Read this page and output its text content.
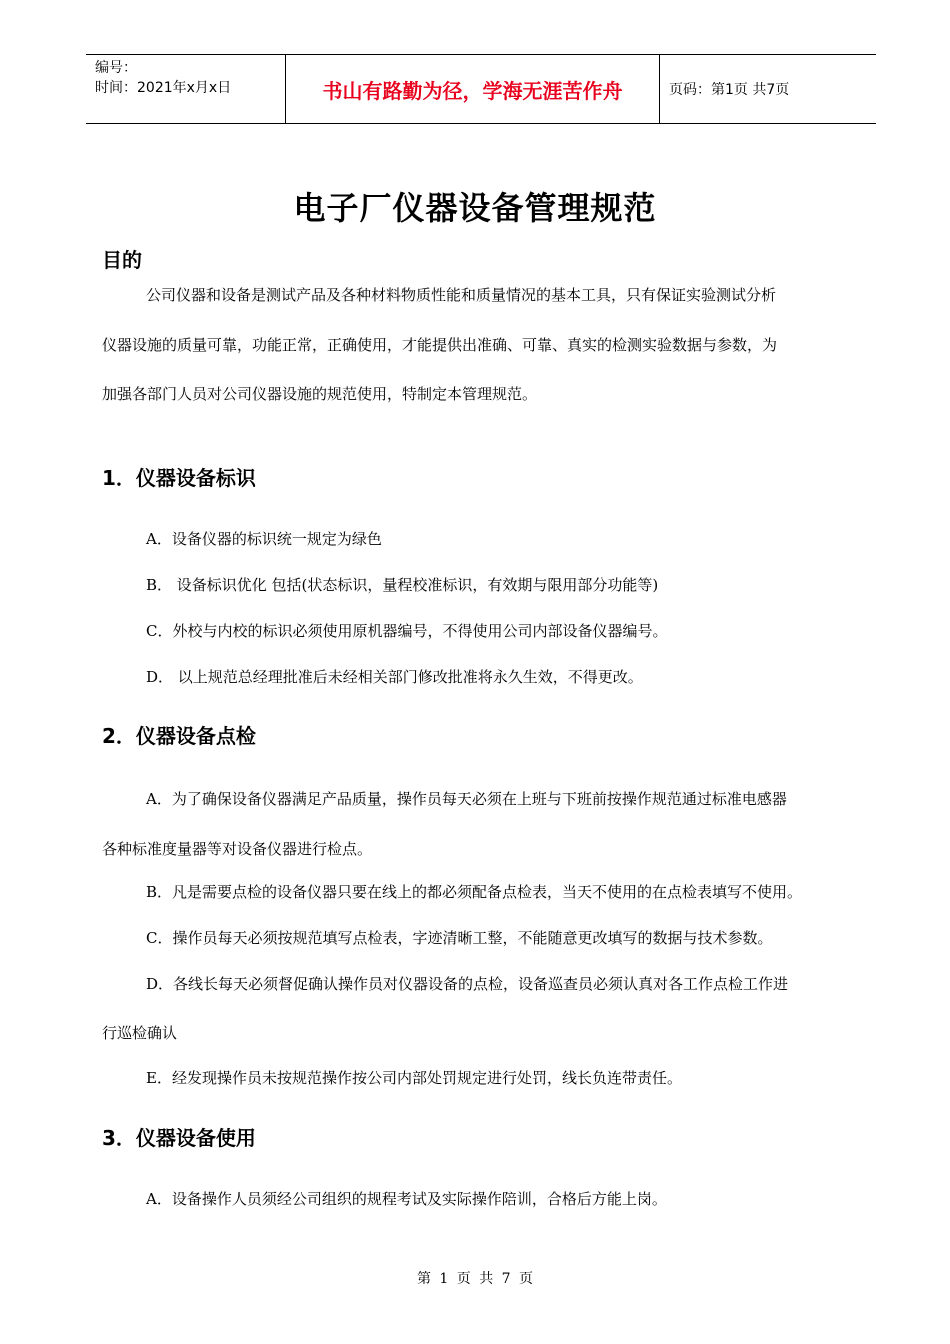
编号：
时间：2021年x月x日	书山有路勤为径，学海无涯苦作舟	页码：第1页 共7页
电子厂仪器设备管理规范
目的
公司仪器和设备是测试产品及各种材料物质性能和质量情况的基本工具，只有保证实验测试分析
仪器设施的质量可靠，功能正常，正确使用，才能提供出准确、可靠、真实的检测实验数据与参数，为
加强各部门人员对公司仪器设施的规范使用，特制定本管理规范。
1．仪器设备标识
A．设备仪器的标识统一规定为绿色
B． 设备标识优化 包括(状态标识，量程校准标识，有效期与限用部分功能等)
C．外校与内校的标识必须使用原机器编号，不得使用公司内部设备仪器编号。
D． 以上规范总经理批准后未经相关部门修改批准将永久生效，不得更改。
2．仪器设备点检
A．为了确保设备仪器满足产品质量，操作员每天必须在上班与下班前按操作规范通过标准电感器
各种标准度量器等对设备仪器进行检点。
B．凡是需要点检的设备仪器只要在线上的都必须配备点检表，当天不使用的在点检表填写不使用。
C．操作员每天必须按规范填写点检表，字迹清晰工整，不能随意更改填写的数据与技术参数。
D．各线长每天必须督促确认操作员对仪器设备的点检，设备巡查员必须认真对各工作点检工作进
行巡检确认
E．经发现操作员未按规范操作按公司内部处罚规定进行处罚，线长负连带责任。
3．仪器设备使用
A．设备操作人员须经公司组织的规程考试及实际操作陪训，合格后方能上岗。
第 1 页 共 7 页
